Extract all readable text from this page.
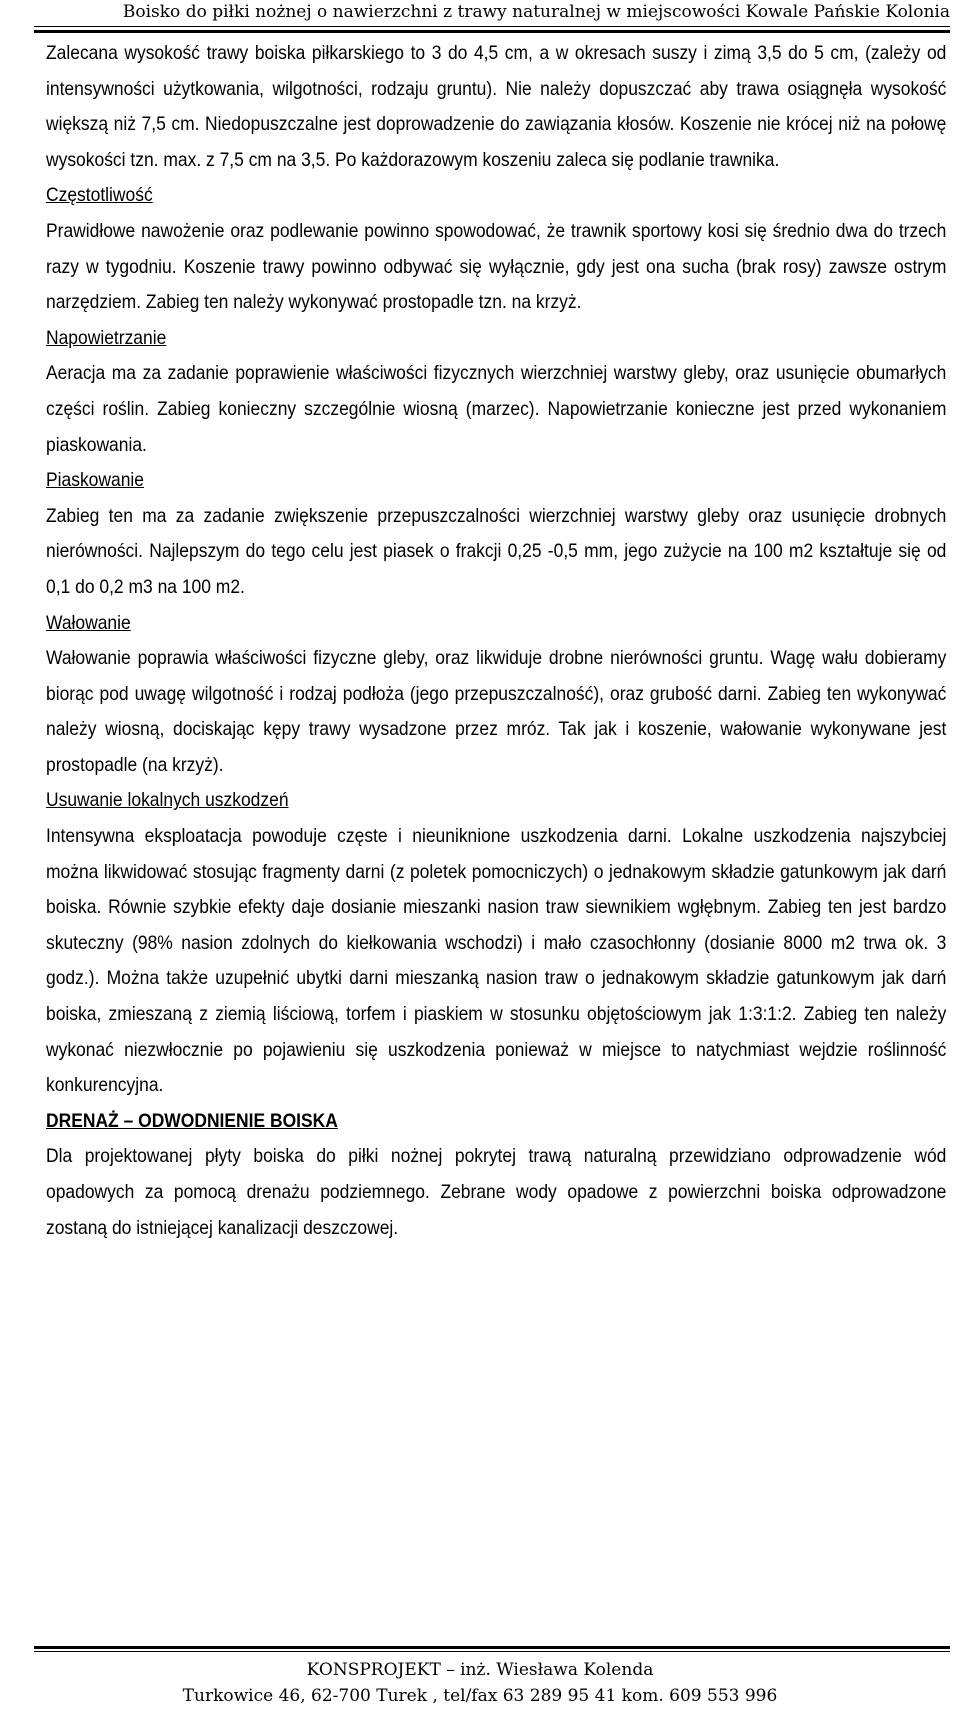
Boisko do piłki nożnej o nawierzchni z trawy naturalnej w miejscowości Kowale Pańskie Kolonia

Zalecana wysokość trawy boiska piłkarskiego to 3 do 4,5 cm, a w okresach suszy i zimą 3,5 do 5 cm, (zależy od intensywności użytkowania, wilgotności, rodzaju gruntu). Nie należy dopuszczać aby trawa osiągnęła wysokość większą niż 7,5 cm. Niedopuszczalne jest doprowadzenie do zawiązania kłosów. Koszenie nie krócej niż na połowę wysokości tzn. max. z 7,5 cm na 3,5. Po każdorazowym koszeniu zaleca się podlanie trawnika.

Częstotliwość

Prawidłowe nawożenie oraz podlewanie powinno spowodować, że trawnik sportowy kosi się średnio dwa do trzech razy w tygodniu. Koszenie trawy powinno odbywać się wyłącznie, gdy jest ona sucha (brak rosy) zawsze ostrym narzędziem. Zabieg ten należy wykonywać prostopadle tzn. na krzyż.

Napowietrzanie

Aeracja ma za zadanie poprawienie właściwości fizycznych wierzchniej warstwy gleby, oraz usunięcie obumarłych części roślin. Zabieg konieczny szczególnie wiosną (marzec). Napowietrzanie konieczne jest przed wykonaniem piaskowania.

Piaskowanie

Zabieg ten ma za zadanie zwiększenie przepuszczalności wierzchniej warstwy gleby oraz usunięcie drobnych nierówności. Najlepszym do tego celu jest piasek o frakcji 0,25 -0,5 mm, jego zużycie na 100 m2 kształtuje się od 0,1 do 0,2 m3 na 100 m2.

Wałowanie

Wałowanie poprawia właściwości fizyczne gleby, oraz likwiduje drobne nierówności gruntu. Wagę wału dobieramy biorąc pod uwagę wilgotność i rodzaj podłoża (jego przepuszczalność), oraz grubość darni. Zabieg ten wykonywać należy wiosną, dociskając kępy trawy wysadzone przez mróz. Tak jak i koszenie, wałowanie wykonywane jest prostopadle (na krzyż).

Usuwanie lokalnych uszkodzeń

Intensywna eksploatacja powoduje częste i nieuniknione uszkodzenia darni. Lokalne uszkodzenia najszybciej można likwidować stosując fragmenty darni (z poletek pomocniczych) o jednakowym składzie gatunkowym jak darń boiska. Równie szybkie efekty daje dosianie mieszanki nasion traw siewnikiem wgłębnym. Zabieg ten jest bardzo skuteczny (98% nasion zdolnych do kiełkowania wschodzi) i mało czasochłonny (dosianie 8000 m2 trwa ok. 3 godz.). Można także uzupełnić ubytki darni mieszanką nasion traw o jednakowym składzie gatunkowym jak darń boiska, zmieszaną z ziemią liściową, torfem i piaskiem w stosunku objętościowym jak 1:3:1:2. Zabieg ten należy wykonać niezwłocznie po pojawieniu się uszkodzenia ponieważ w miejsce to natychmiast wejdzie roślinność konkurencyjna.

DRENAŻ – ODWODNIENIE BOISKA

Dla projektowanej płyty boiska do piłki nożnej pokrytej trawą naturalną przewidziano odprowadzenie wód opadowych za pomocą drenażu podziemnego. Zebrane wody opadowe z powierzchni boiska odprowadzone zostaną do istniejącej kanalizacji deszczowej.

KONSPROJEKT – inż. Wiesława Kolenda
Turkowice 46, 62-700 Turek , tel/fax 63 289 95 41 kom. 609 553 996
